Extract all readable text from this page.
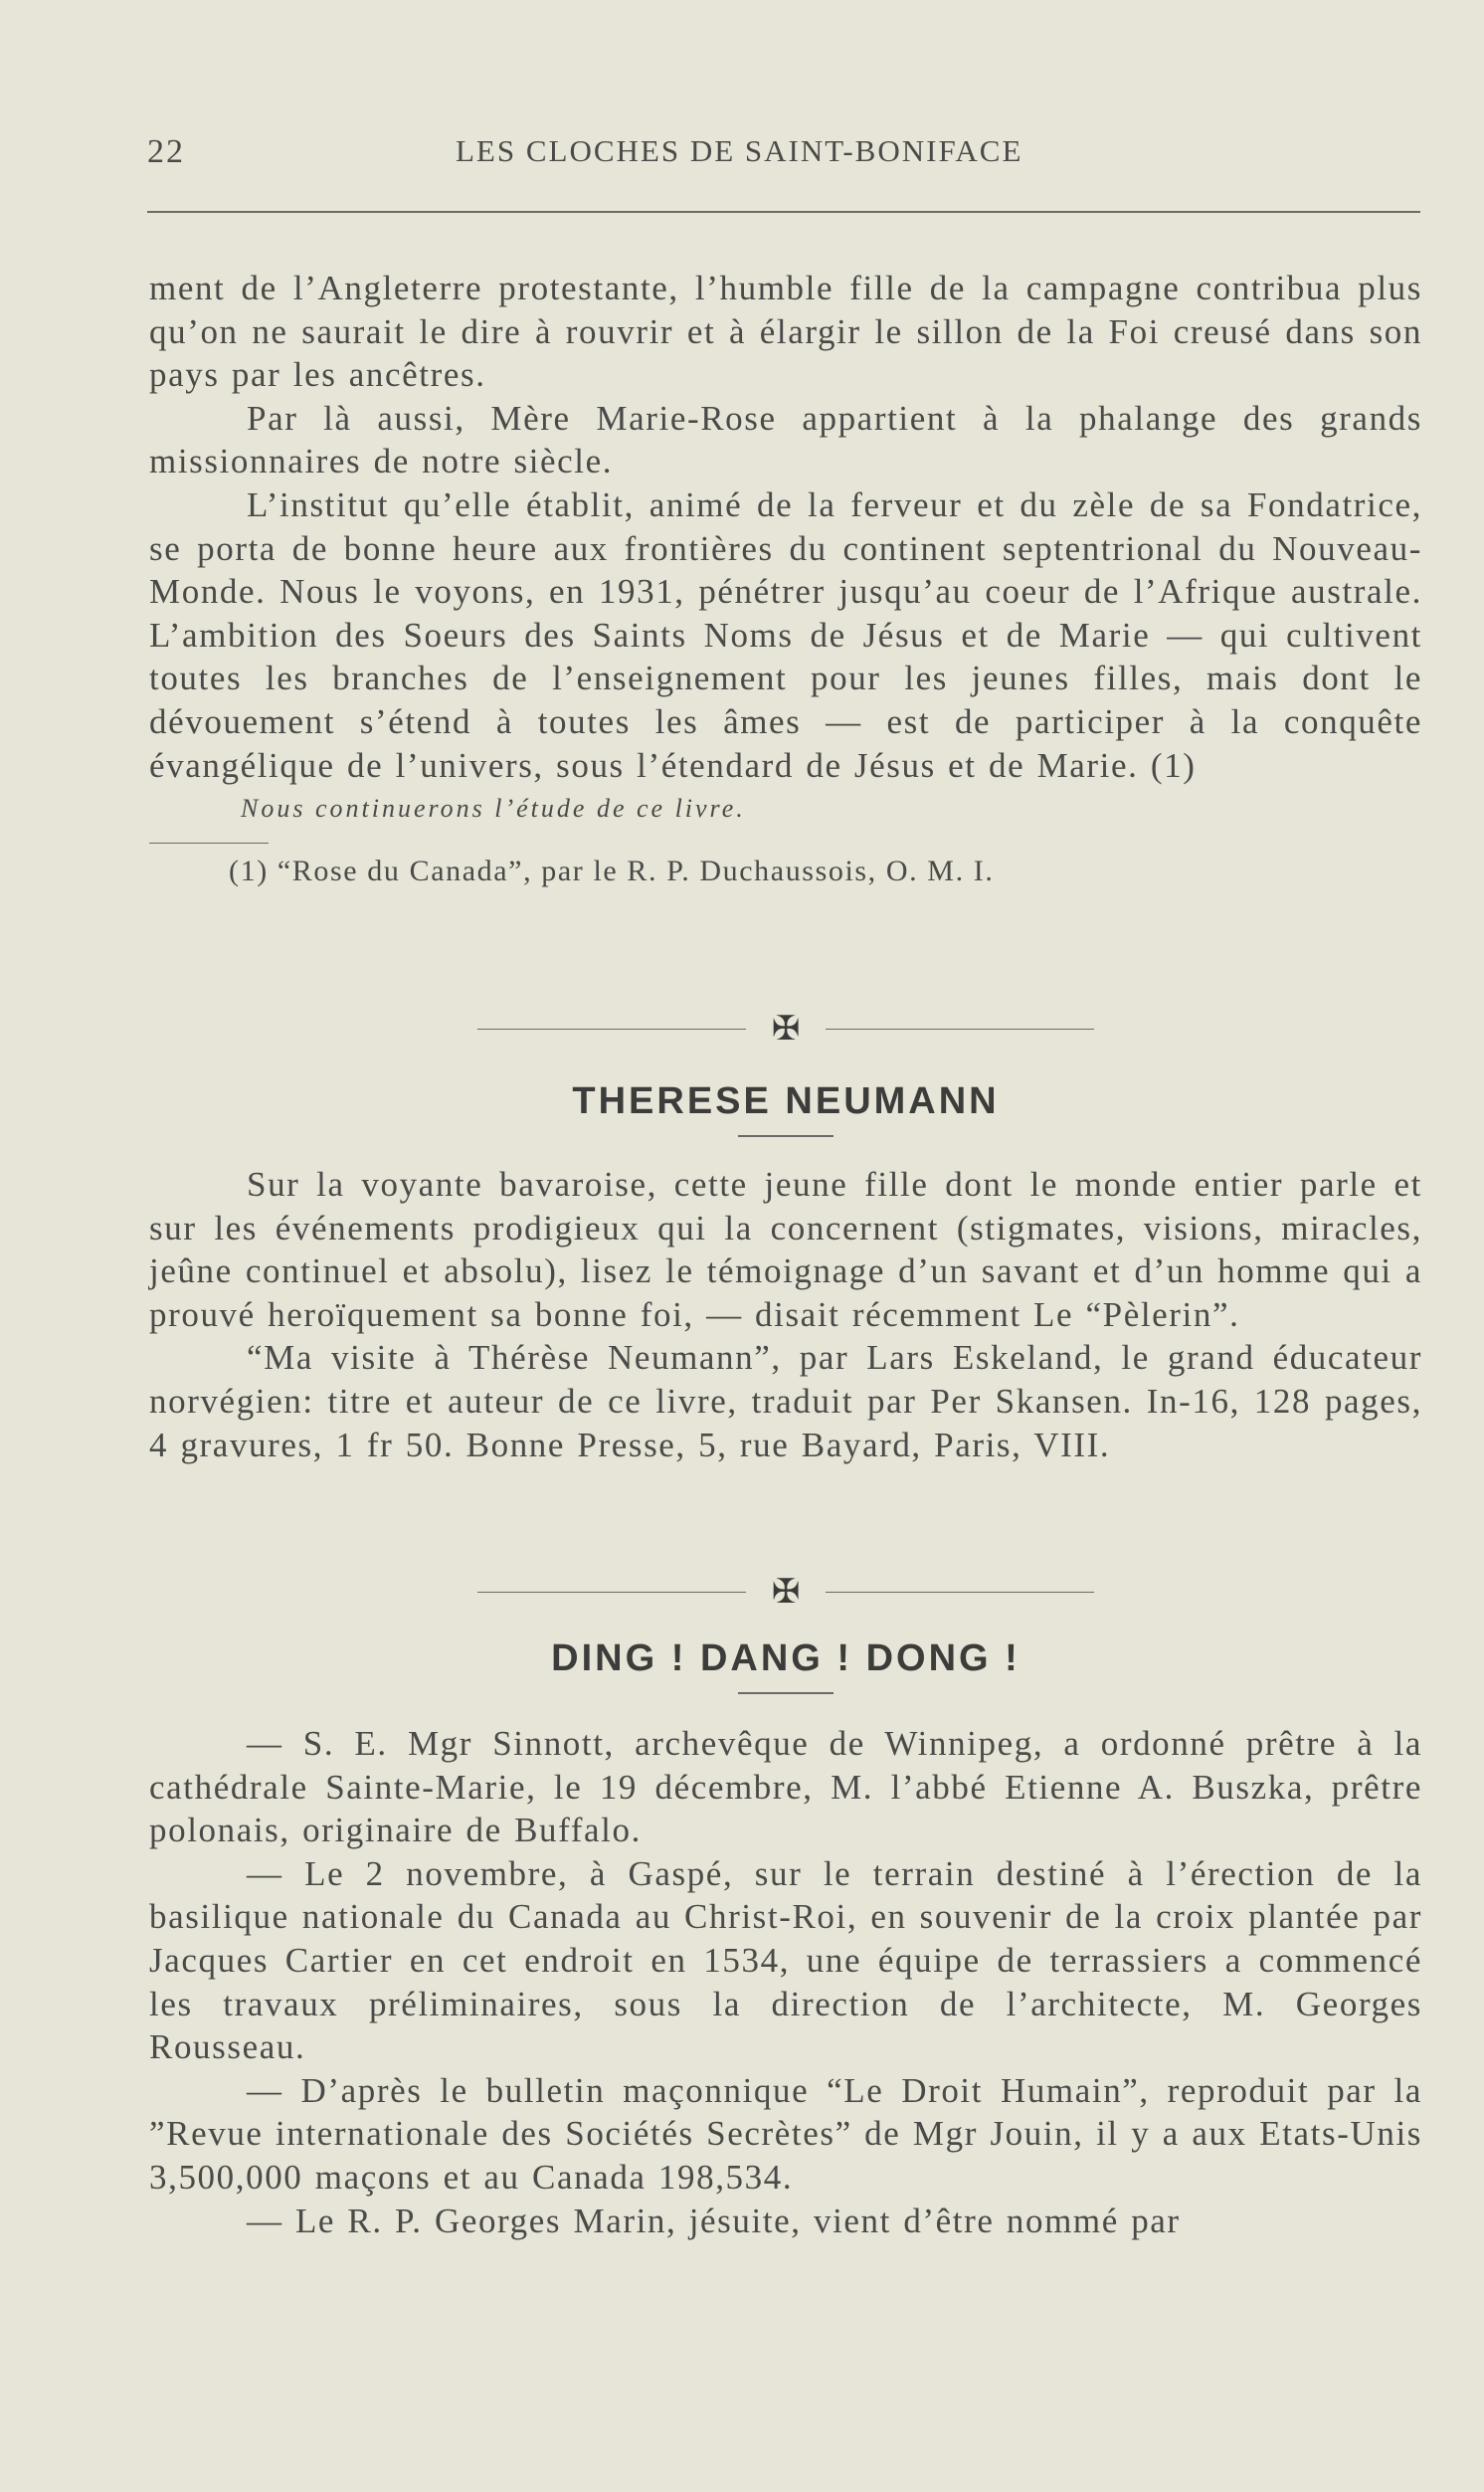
22	LES CLOCHES DE SAINT-BONIFACE

ment de l’Angleterre protestante, l’humble fille de la campagne contribua plus qu’on ne saurait le dire à rouvrir et à élargir le sillon de la Foi creusé dans son pays par les ancêtres.

Par là aussi, Mère Marie-Rose appartient à la phalange des grands missionnaires de notre siècle.

L’institut qu’elle établit, animé de la ferveur et du zèle de sa Fondatrice, se porta de bonne heure aux frontières du continent septentrional du Nouveau-Monde. Nous le voyons, en 1931, pénétrer jusqu’au coeur de l’Afrique australe. L’ambition des Soeurs des Saints Noms de Jésus et de Marie — qui cultivent toutes les branches de l’enseignement pour les jeunes filles, mais dont le dévouement s’étend à toutes les âmes — est de participer à la conquête évangélique de l’univers, sous l’étendard de Jésus et de Marie. (1)

Nous continuerons l’étude de ce livre.
(1) “Rose du Canada”, par le R. P. Duchaussois, O. M. I.
✠
THERESE NEUMANN

Sur la voyante bavaroise, cette jeune fille dont le monde entier parle et sur les événements prodigieux qui la concernent (stigmates, visions, miracles, jeûne continuel et absolu), lisez le témoignage d’un savant et d’un homme qui a prouvé heroïquement sa bonne foi, — disait récemment Le “Pèlerin”.

“Ma visite à Thérèse Neumann”, par Lars Eskeland, le grand éducateur norvégien: titre et auteur de ce livre, traduit par Per Skansen. In-16, 128 pages, 4 gravures, 1 fr 50. Bonne Presse, 5, rue Bayard, Paris, VIII.

✠
DING ! DANG ! DONG !

— S. E. Mgr Sinnott, archevêque de Winnipeg, a ordonné prêtre à la cathédrale Sainte-Marie, le 19 décembre, M. l’abbé Etienne A. Buszka, prêtre polonais, originaire de Buffalo.

— Le 2 novembre, à Gaspé, sur le terrain destiné à l’érection de la basilique nationale du Canada au Christ-Roi, en souvenir de la croix plantée par Jacques Cartier en cet endroit en 1534, une équipe de terrassiers a commencé les travaux préliminaires, sous la direction de l’architecte, M. Georges Rousseau.

— D’après le bulletin maçonnique “Le Droit Humain”, reproduit par la ”Revue internationale des Sociétés Secrètes” de Mgr Jouin, il y a aux Etats-Unis 3,500,000 maçons et au Canada 198,534.

— Le R. P. Georges Marin, jésuite, vient d’être nommé par
